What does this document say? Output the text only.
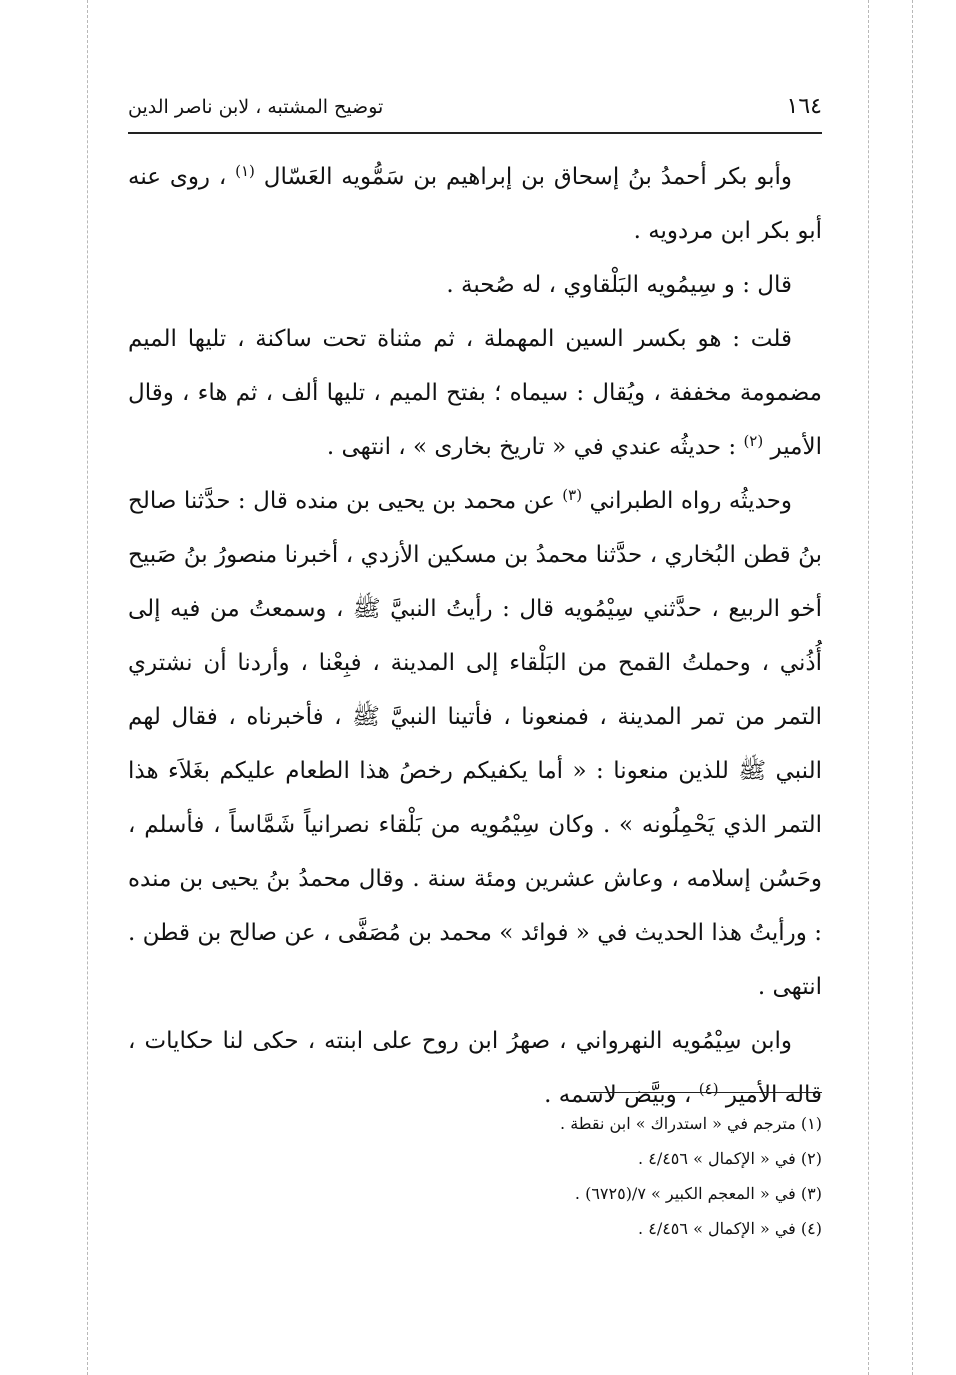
١٦٤
توضيح المشتبه ، لابن ناصر الدين

وأبو بكر أحمدُ بنُ إسحاق بن إبراهيم بن سَمُّويه العَسّال $^{(١)}$ ، روى عنه أبو بكر ابن مردويه .

قال : و سِيمُويه البَلْقاوي ، له صُحبة .

قلت : هو بكسر السين المهملة ، ثم مثناة تحت ساكنة ، تليها الميم مضمومة مخففة ، ويُقال : سيماه ؛ بفتح الميم ، تليها ألف ، ثم هاء ، وقال الأمير $^{(٢)}$ : حديثُه عندي في « تاريخ بخارى » ، انتهى .

وحديثُه رواه الطبراني $^{(٣)}$ عن محمد بن يحيى بن منده قال : حدَّثنا صالح بنُ قطن البُخاري ، حدَّثنا محمدُ بن مسكين الأزدي ، أخبرنا منصورُ بنُ صَبيح أخو الربيع ، حدَّثني سِيْمُويه قال : رأيتُ النبيَّ ﷺ ، وسمعتُ من فيه إلى أُذُني ، وحملتُ القمح من البَلْقاء إلى المدينة ، فبِعْنا ، وأردنا أن نشتري التمر من تمر المدينة ، فمنعونا ، فأتينا النبيَّ ﷺ ، فأخبرناه ، فقال لهم النبي ﷺ للذين منعونا : « أما يكفيكم رخصُ هذا الطعام عليكم بغَلاَء هذا التمر الذي يَحْمِلُونه » . وكان سِيْمُويه من بَلْقاء نصرانياً شَمَّاساً ، فأسلم ، وحَسُن إسلامه ، وعاش عشرين ومئة سنة . وقال محمدُ بنُ يحيى بن منده : ورأيتُ هذا الحديث في « فوائد » محمد بن مُصَفَّى ، عن صالح بن قطن . انتهى .

وابن سِيْمُويه النهرواني ، صهرُ ابن روح على ابنته ، حكى لنا حكايات ، قاله الأمير $^{(٤)}$ ، وبيَّض لاسمه .

(١) مترجم في « استدراك » ابن نقطة .

(٢) في « الإكمال » ٤/٤٥٦ .

(٣) في « المعجم الكبير » ٧/(٦٧٢٥) .

(٤) في « الإكمال » ٤/٤٥٦ .
